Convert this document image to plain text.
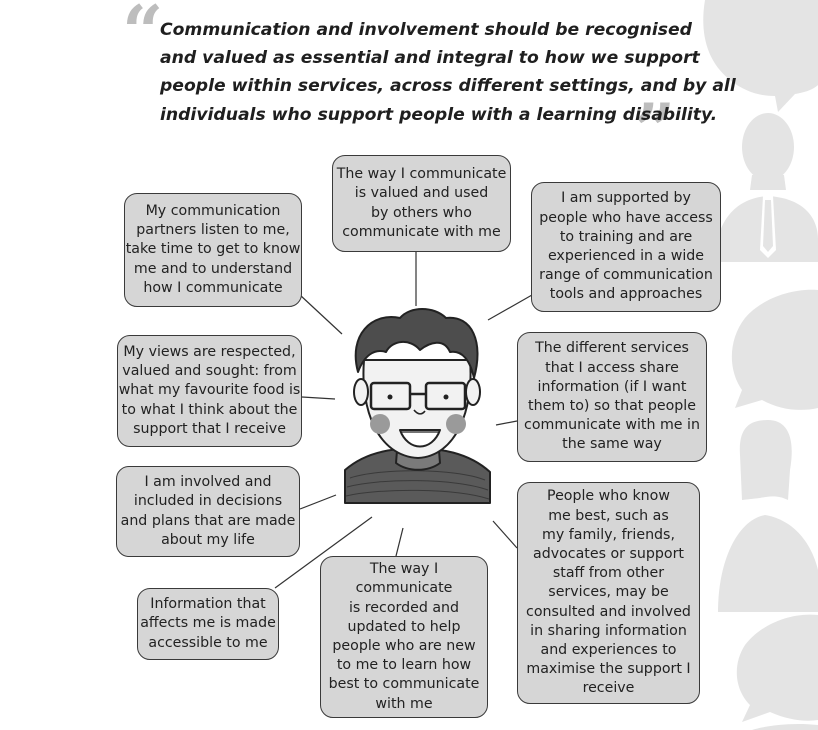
“
”

Communication and involvement should be recognised
and valued as essential and integral to how we support
people within services, across different settings, and by all
individuals who support people with a learning disability.

The way I communicate
is valued and used
by others who
communicate with me
My communication
partners listen to me,
take time to get to know
me and to understand
how I communicate
I am supported by
people who have access
to training and are
experienced in a wide
range of communication
tools and approaches
My views are respected,
valued and sought: from
what my favourite food is
to what I think about the
support that I receive
The different services
that I access share
information (if I want
them to) so that people
communicate with me in
the same way
I am involved and
included in decisions
and plans that are made
about my life
People who know
me best, such as
my family, friends,
advocates or support
staff from other
services, may be
consulted and involved
in sharing information
and experiences to
maximise the support I
receive
Information that
affects me is made
accessible to me
The way I
communicate
is recorded and
updated to help
people who are new
to me to learn how
best to communicate
with me
